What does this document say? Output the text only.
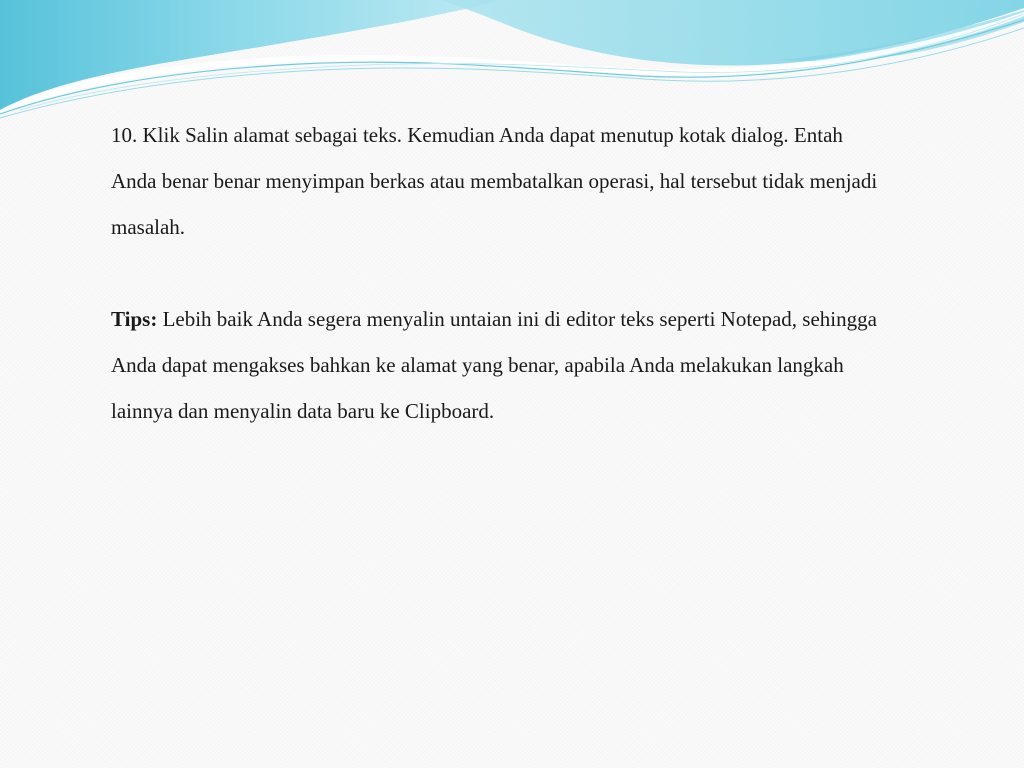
10. Klik Salin alamat sebagai teks. Kemudian Anda dapat menutup kotak dialog. Entah Anda benar benar menyimpan berkas atau membatalkan operasi, hal tersebut tidak menjadi masalah.

Tips: Lebih baik Anda segera menyalin untaian ini di editor teks seperti Notepad, sehingga Anda dapat mengakses bahkan ke alamat yang benar, apabila Anda melakukan langkah lainnya dan menyalin data baru ke Clipboard.
